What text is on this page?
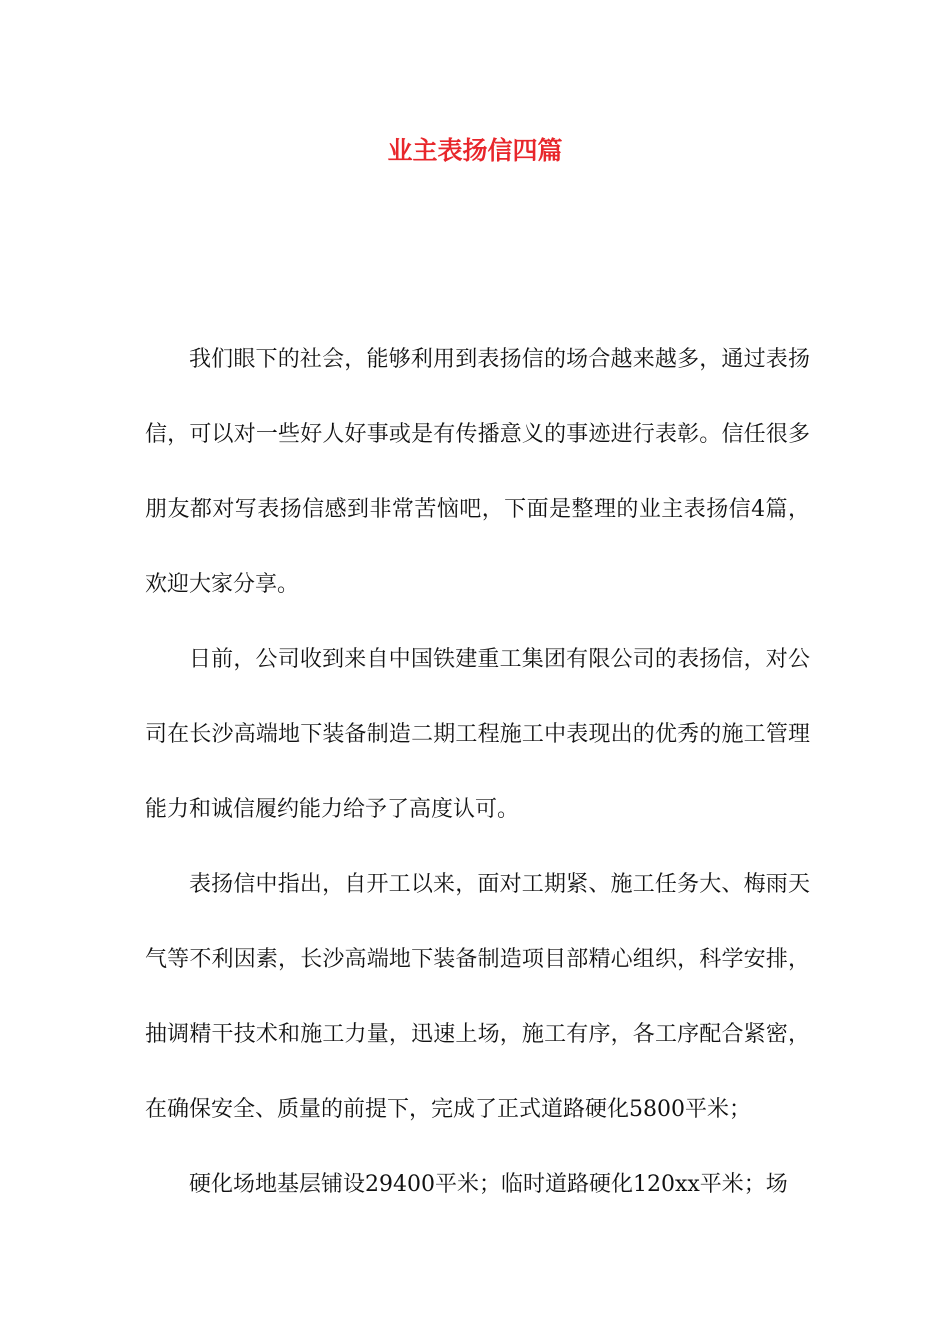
业主表扬信四篇

我们眼下的社会，能够利用到表扬信的场合越来越多，通过表扬信，可以对一些好人好事或是有传播意义的事迹进行表彰。信任很多朋友都对写表扬信感到非常苦恼吧，下面是整理的业主表扬信4篇，欢迎大家分享。

日前，公司收到来自中国铁建重工集团有限公司的表扬信，对公司在长沙高端地下装备制造二期工程施工中表现出的优秀的施工管理能力和诚信履约能力给予了高度认可。

表扬信中指出，自开工以来，面对工期紧、施工任务大、梅雨天气等不利因素，长沙高端地下装备制造项目部精心组织，科学安排，抽调精干技术和施工力量，迅速上场，施工有序，各工序配合紧密，在确保安全、质量的前提下，完成了正式道路硬化5800平米；

硬化场地基层铺设29400平米；临时道路硬化120xx平米；场
